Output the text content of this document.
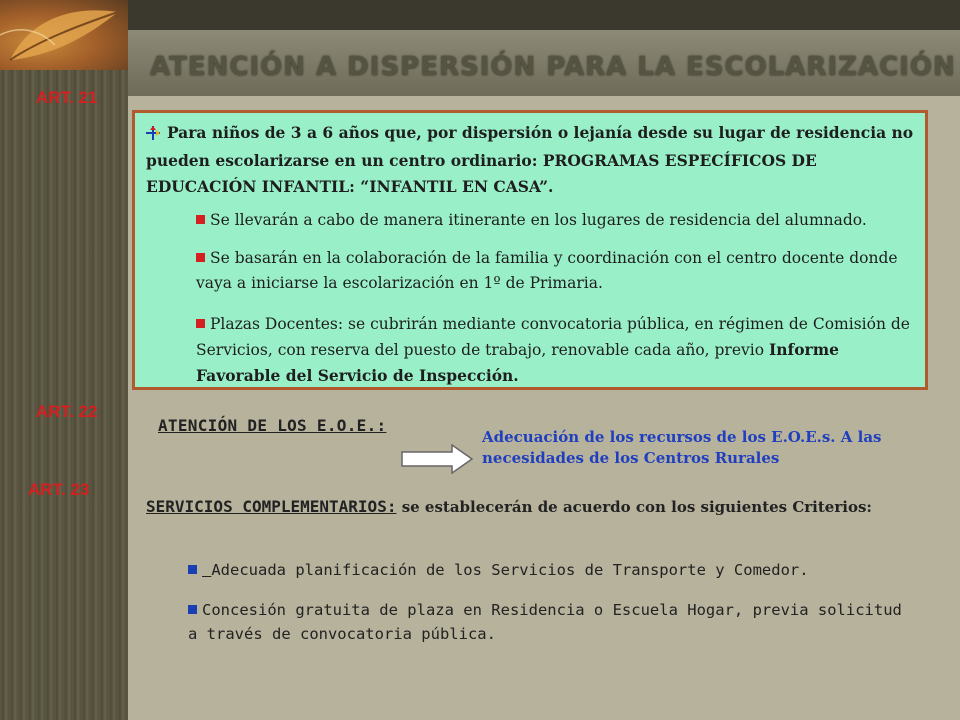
ATENCIÓN A DISPERSIÓN PARA LA ESCOLARIZACIÓN
ART. 21
ART. 22
ART. 23
Para niños de 3 a 6 años que, por dispersión o lejanía desde su lugar de residencia no pueden escolarizarse en un centro ordinario: PROGRAMAS ESPECÍFICOS DE EDUCACIÓN INFANTIL: “INFANTIL EN CASA”.
Se llevarán a cabo de manera itinerante en los lugares de residencia del alumnado.
Se basarán en la colaboración de la familia y coordinación con el centro docente donde vaya a iniciarse la escolarización en 1º de Primaria.
Plazas Docentes: se cubrirán mediante convocatoria pública, en régimen de Comisión de Servicios, con reserva del puesto de trabajo, renovable cada año, previo Informe Favorable del Servicio de Inspección.
ATENCIÓN DE LOS E.O.E.:
Adecuación de los recursos de los E.O.E.s. A las necesidades de los Centros Rurales
SERVICIOS COMPLEMENTARIOS: se establecerán de acuerdo con los siguientes Criterios:
Adecuada planificación de los Servicios de Transporte y Comedor.
Concesión gratuita de plaza en Residencia o Escuela Hogar, previa solicitud a través de convocatoria pública.
